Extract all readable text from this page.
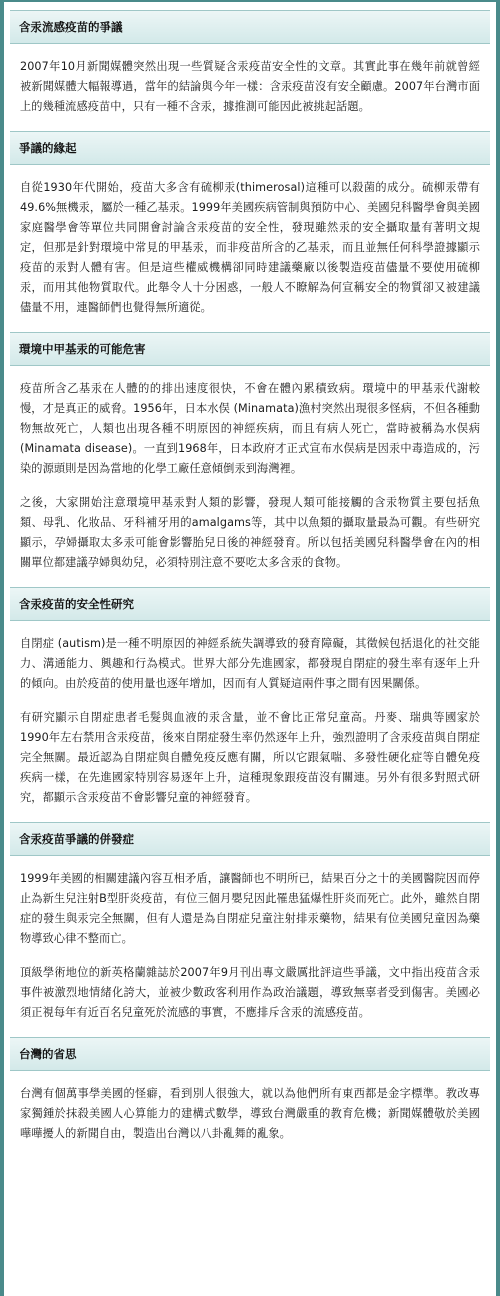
含汞流感疫苗的爭議

2007年10月新聞媒體突然出現一些質疑含汞疫苗安全性的文章。其實此事在幾年前就曾經被新聞媒體大幅報導過，當年的結論與今年一樣：含汞疫苗沒有安全顧慮。2007年台灣市面上的幾種流感疫苗中，只有一種不含汞，據推測可能因此被挑起話題。

爭議的緣起

自從1930年代開始，疫苗大多含有硫柳汞(thimerosal)這種可以殺菌的成分。硫柳汞帶有49.6%無機汞，屬於一種乙基汞。1999年美國疾病管制與預防中心、美國兒科醫學會與美國家庭醫學會等單位共同開會討論含汞疫苗的安全性，發現雖然汞的安全攝取量有著明文規定，但那是針對環境中常見的甲基汞，而非疫苗所含的乙基汞，而且並無任何科學證據顯示疫苗的汞對人體有害。但是這些權威機構卻同時建議藥廠以後製造疫苗儘量不要使用硫柳汞，而用其他物質取代。此舉令人十分困惑，一般人不瞭解為何宣稱安全的物質卻又被建議儘量不用，連醫師們也覺得無所適從。

環境中甲基汞的可能危害

疫苗所含乙基汞在人體的的排出速度很快，不會在體內累積致病。環境中的甲基汞代謝較慢，才是真正的威脅。1956年，日本水俣 (Minamata)漁村突然出現很多怪病，不但各種動物無故死亡，人類也出現各種不明原因的神經疾病，而且有病人死亡，當時被稱為水俣病 (Minamata disease)。一直到1968年，日本政府才正式宣布水俣病是因汞中毒造成的，污染的源頭則是因為當地的化學工廠任意傾倒汞到海灣裡。

之後，大家開始注意環境甲基汞對人類的影響，發現人類可能接觸的含汞物質主要包括魚類、母乳、化妝品、牙科補牙用的amalgams等，其中以魚類的攝取量最為可觀。有些研究顯示，孕婦攝取太多汞可能會影響胎兒日後的神經發育。所以包括美國兒科醫學會在內的相關單位都建議孕婦與幼兒，必須特別注意不要吃太多含汞的食物。

含汞疫苗的安全性研究

自閉症 (autism)是一種不明原因的神經系統失調導致的發育障礙，其徵候包括退化的社交能力、溝通能力、興趣和行為模式。世界大部分先進國家，都發現自閉症的發生率有逐年上升的傾向。由於疫苗的使用量也逐年增加，因而有人質疑這兩件事之間有因果關係。

有研究顯示自閉症患者毛髮與血液的汞含量，並不會比正常兒童高。丹麥、瑞典等國家於1990年左右禁用含汞疫苗，後來自閉症發生率仍然逐年上升，強烈證明了含汞疫苗與自閉症完全無關。最近認為自閉症與自體免疫反應有關，所以它跟氣喘、多發性硬化症等自體免疫疾病一樣，在先進國家特別容易逐年上升，這種現象跟疫苗沒有關連。另外有很多對照式研究，都顯示含汞疫苗不會影響兒童的神經發育。

含汞疫苗爭議的併發症

1999年美國的相關建議內容互相矛盾，讓醫師也不明所已，結果百分之十的美國醫院因而停止為新生兒注射B型肝炎疫苗，有位三個月嬰兒因此罹患猛爆性肝炎而死亡。此外，雖然自閉症的發生與汞完全無關，但有人還是為自閉症兒童注射排汞藥物，結果有位美國兒童因為藥物導致心律不整而亡。

頂級學術地位的新英格蘭雜誌於2007年9月刊出專文嚴厲批評這些爭議，文中指出疫苗含汞事件被激烈地情緒化誇大，並被少數政客利用作為政治議題，導致無辜者受到傷害。美國必須正視每年有近百名兒童死於流感的事實，不應排斥含汞的流感疫苗。

台灣的省思

台灣有個萬事學美國的怪癖，看到別人很強大，就以為他們所有東西都是金字標準。教改專家獨鍾於抹殺美國人心算能力的建構式數學，導致台灣嚴重的教育危機；新聞媒體敬於美國嘩嘩擾人的新聞自由，製造出台灣以八卦亂舞的亂象。
